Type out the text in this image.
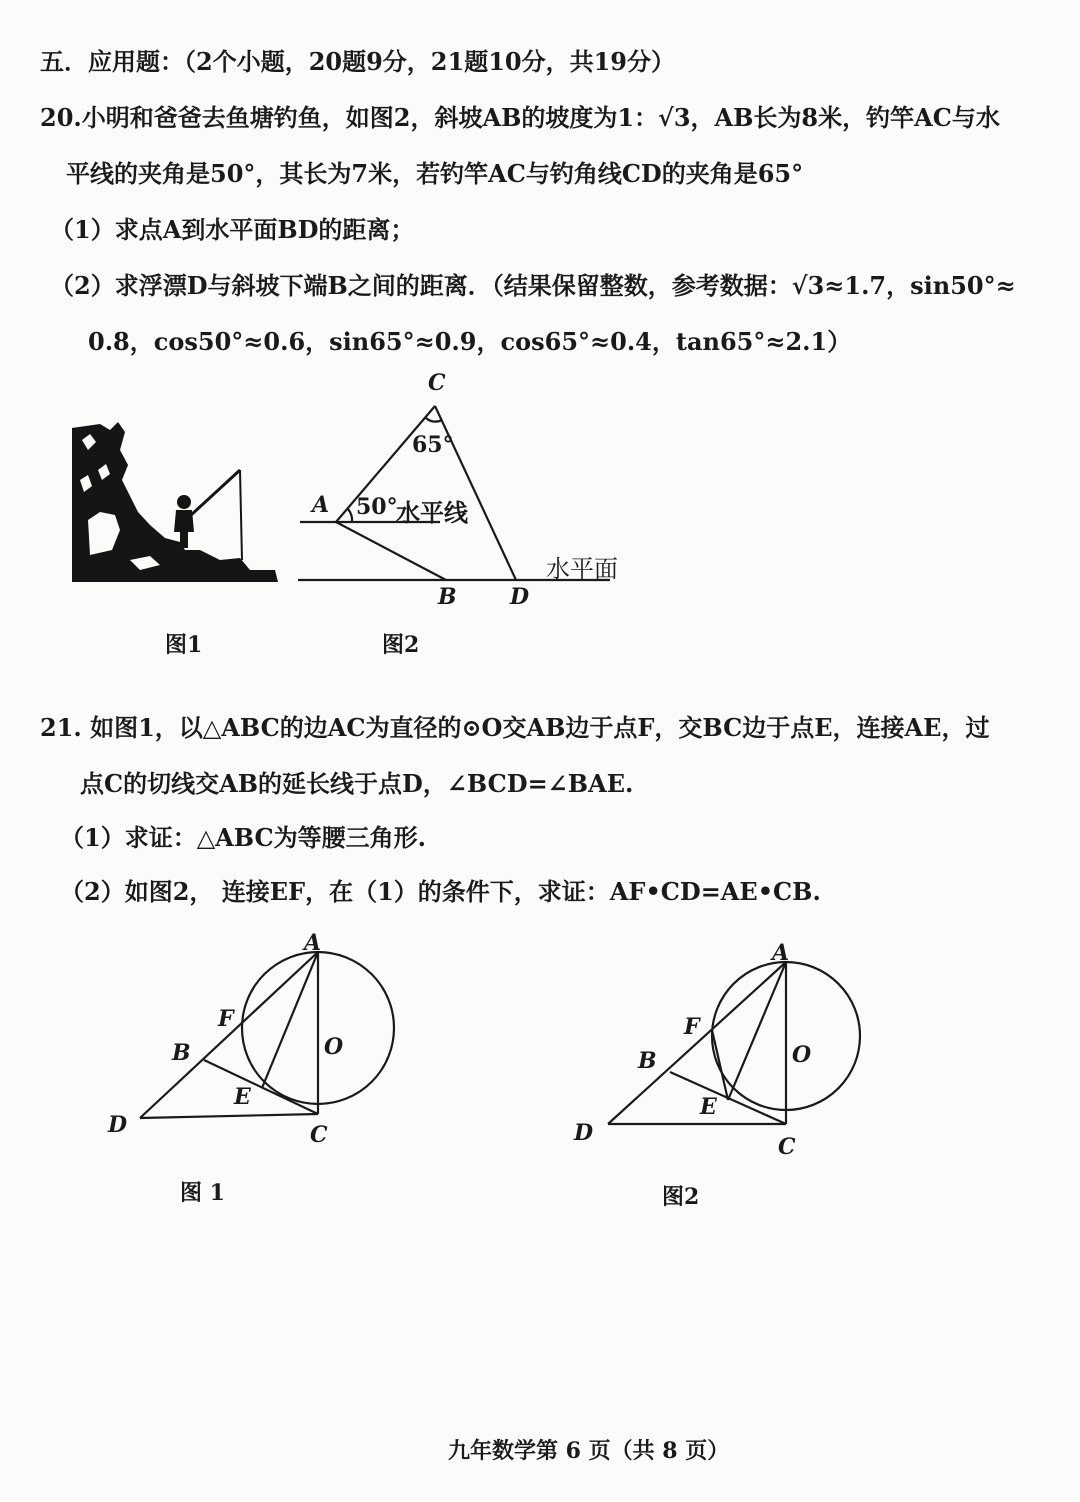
五．应用题：（2个小题，20题9分，21题10分，共19分）
20.小明和爸爸去鱼塘钓鱼，如图2，斜坡AB的坡度为1：√3，AB长为8米，钓竿AC与水
平线的夹角是50°，其长为7米，若钓竿AC与钓角线CD的夹角是65°
（1）求点A到水平面BD的距离；
（2）求浮漂D与斜坡下端B之间的距离．（结果保留整数，参考数据：√3≈1.7，sin50°≈
0.8，cos50°≈0.6，sin65°≈0.9，cos65°≈0.4，tan65°≈2.1）
图1
C
65°
A 50°
水平线
水平面
B D
图2
21. 如图1，以△ABC的边AC为直径的⊙O交AB边于点F，交BC边于点E，连接AE，过
点C的切线交AB的延长线于点D，∠BCD=∠BAE.
（1）求证：△ABC为等腰三角形.
（2）如图2， 连接EF，在（1）的条件下，求证：AF•CD=AE•CB.
A
F
O
B
E
D	C
图 1
A
F
O
B
E
D
C
图2
九年数学第 6 页（共 8 页）
